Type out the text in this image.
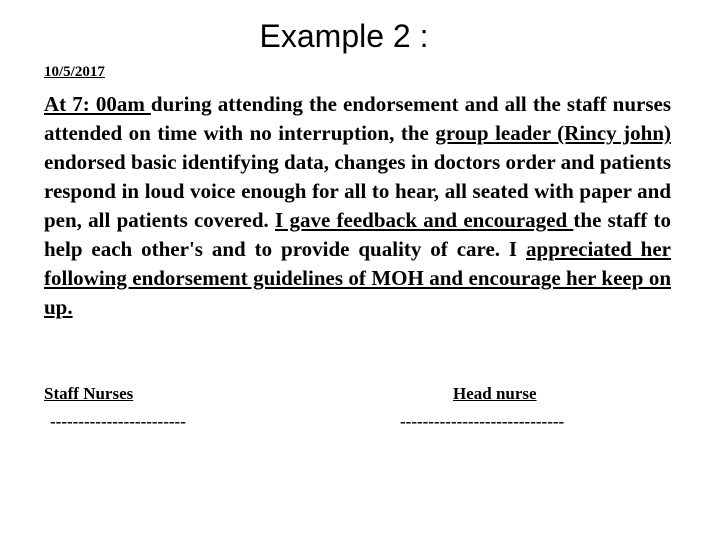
Example 2 :
10/5/2017

At 7: 00am during attending the endorsement and all the staff nurses attended on time with no interruption, the group leader (Rincy john) endorsed basic identifying data, changes in doctors order and patients respond in loud voice enough for all to hear, all seated with paper and pen, all patients covered. I gave feedback and encouraged the staff to help each other's and to provide quality of care. I appreciated her following endorsement guidelines of MOH and encourage her keep on up.

Staff Nurses
------------------------
Head nurse
-----------------------------
